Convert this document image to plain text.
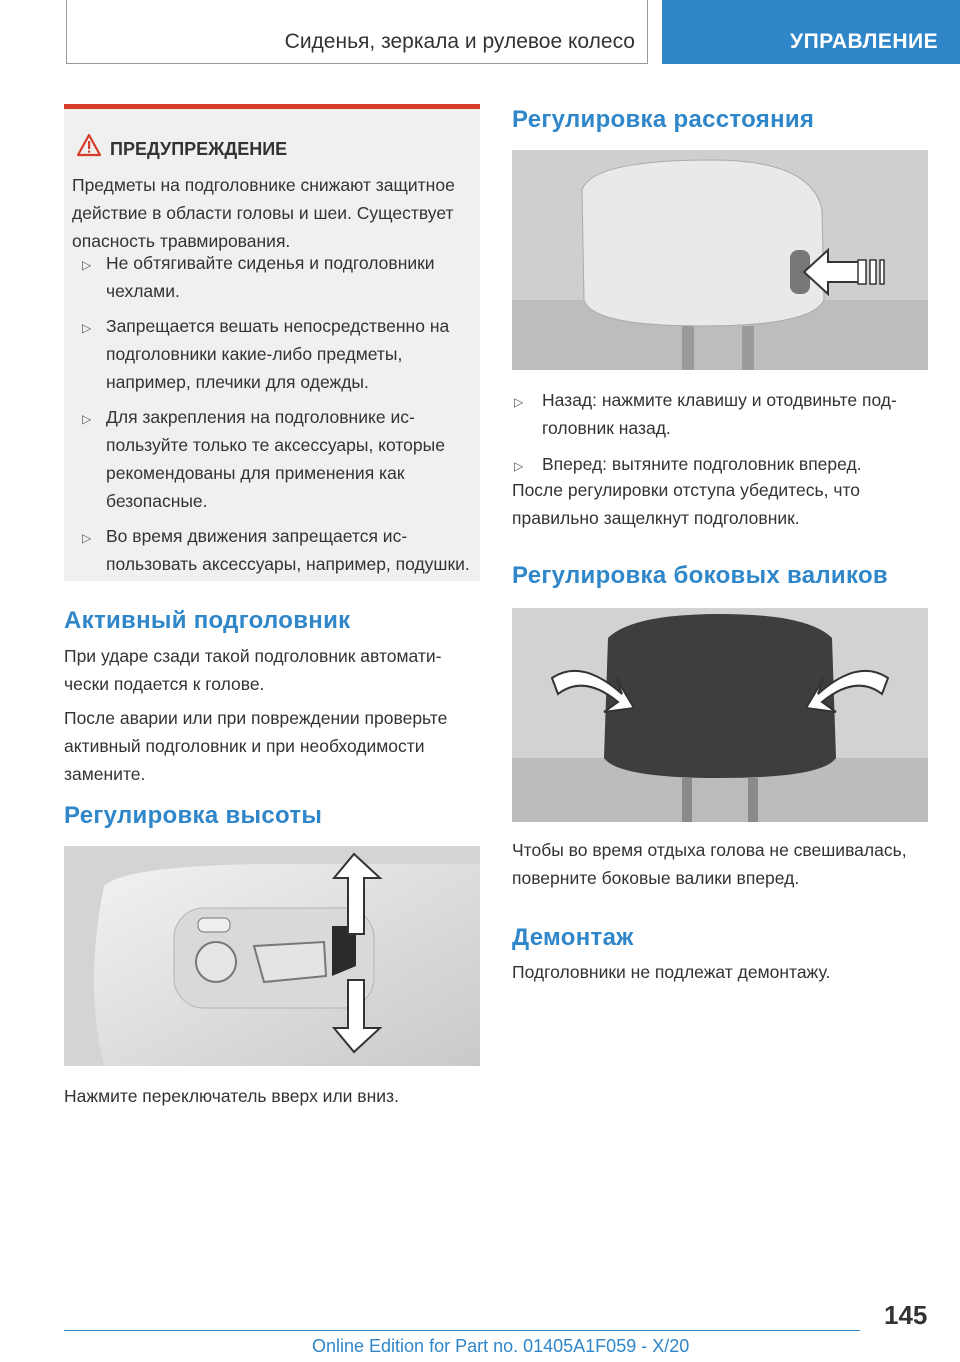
Сиденья, зеркала и рулевое колесо	УПРАВЛЕНИЕ
ПРЕДУПРЕЖДЕНИЕ
Предметы на подголовнике снижают защитное действие в области головы и шеи. Существует опасность травмирования.
▷ Не обтягивайте сиденья и подголовники чехлами.
▷ Запрещается вешать непосредственно на подголовники какие-либо предметы, например, плечики для одежды.
▷ Для закрепления на подголовнике используйте только те аксессуары, которые рекомендованы для применения как безопасные.
▷ Во время движения запрещается использовать аксессуары, например, подушки.
Активный подголовник

При ударе сзади такой подголовник автоматически подается к голове.

После аварии или при повреждении проверьте активный подголовник и при необходимости замените.

Регулировка высоты

Нажмите переключатель вверх или вниз.

Регулировка расстояния
▷ Назад: нажмите клавишу и отодвиньте подголовник назад.
▷ Вперед: вытяните подголовник вперед.

После регулировки отступа убедитесь, что правильно защелкнут подголовник.

Регулировка боковых валиков

Чтобы во время отдыха голова не свешивалась, поверните боковые валики вперед.

Демонтаж

Подголовники не подлежат демонтажу.

145
Online Edition for Part no. 01405A1F059 - X/20
